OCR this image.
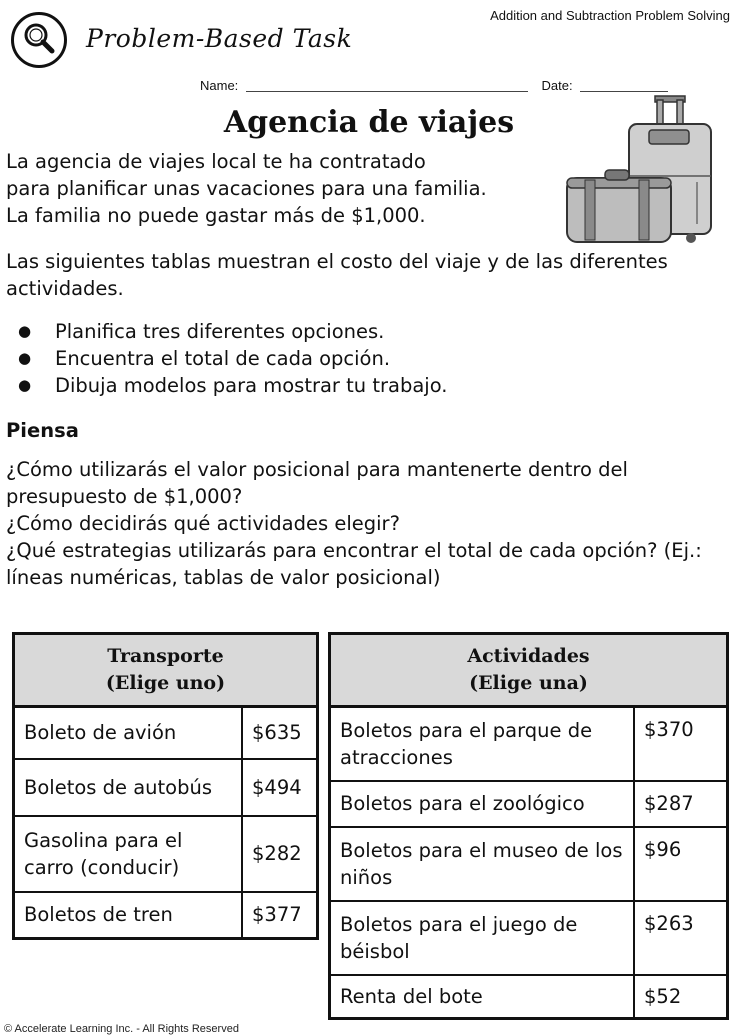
Addition and Subtraction Problem Solving
Problem-Based Task
Name:	Date:
Agencia de viajes
La agencia de viajes local te ha contratado
para planificar unas vacaciones para una familia.
La familia no puede gastar más de $1,000.
Las siguientes tablas muestran el costo del viaje y de las diferentes actividades.
● Planifica tres diferentes opciones.
● Encuentra el total de cada opción.
● Dibuja modelos para mostrar tu trabajo.
Piensa
¿Cómo utilizarás el valor posicional para mantenerte dentro del presupuesto de $1,000?
¿Cómo decidirás qué actividades elegir?
¿Qué estrategias utilizarás para encontrar el total de cada opción? (Ej.: líneas numéricas, tablas de valor posicional)
Transporte
(Elige uno)	

Boleto de avión	$635
Boletos de autobús	$494
Gasolina para el carro (conducir)	$282
Boletos de tren	$377
Actividades
(Elige una)	

Boletos para el parque de atracciones	$370
Boletos para el zoológico	$287
Boletos para el museo de los niños	$96
Boletos para el juego de béisbol	$263
Renta del bote	$52
© Accelerate Learning Inc. - All Rights Reserved
